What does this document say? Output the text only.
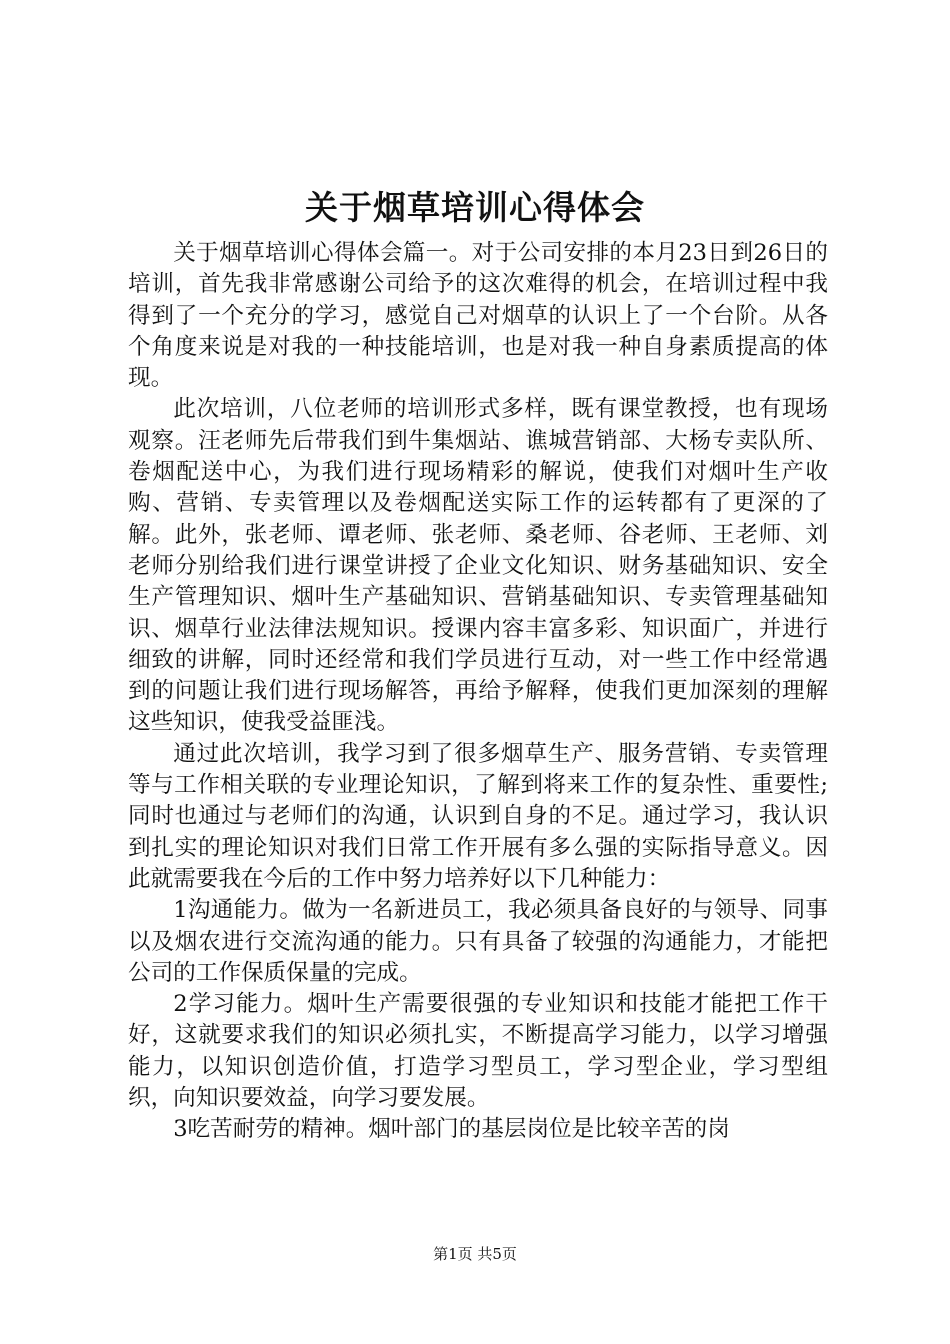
关于烟草培训心得体会

关于烟草培训心得体会篇一。对于公司安排的本月23日到26日的培训，首先我非常感谢公司给予的这次难得的机会，在培训过程中我得到了一个充分的学习，感觉自己对烟草的认识上了一个台阶。从各个角度来说是对我的一种技能培训，也是对我一种自身素质提高的体现。

此次培训，八位老师的培训形式多样，既有课堂教授，也有现场观察。汪老师先后带我们到牛集烟站、谯城营销部、大杨专卖队所、卷烟配送中心，为我们进行现场精彩的解说，使我们对烟叶生产收购、营销、专卖管理以及卷烟配送实际工作的运转都有了更深的了解。此外，张老师、谭老师、张老师、桑老师、谷老师、王老师、刘老师分别给我们进行课堂讲授了企业文化知识、财务基础知识、安全生产管理知识、烟叶生产基础知识、营销基础知识、专卖管理基础知识、烟草行业法律法规知识。授课内容丰富多彩、知识面广，并进行细致的讲解，同时还经常和我们学员进行互动，对一些工作中经常遇到的问题让我们进行现场解答，再给予解释，使我们更加深刻的理解这些知识，使我受益匪浅。

通过此次培训，我学习到了很多烟草生产、服务营销、专卖管理等与工作相关联的专业理论知识，了解到将来工作的复杂性、重要性;同时也通过与老师们的沟通，认识到自身的不足。通过学习，我认识到扎实的理论知识对我们日常工作开展有多么强的实际指导意义。因此就需要我在今后的工作中努力培养好以下几种能力：

1沟通能力。做为一名新进员工，我必须具备良好的与领导、同事以及烟农进行交流沟通的能力。只有具备了较强的沟通能力，才能把公司的工作保质保量的完成。

2学习能力。烟叶生产需要很强的专业知识和技能才能把工作干好，这就要求我们的知识必须扎实，不断提高学习能力，以学习增强能力，以知识创造价值，打造学习型员工，学习型企业，学习型组织，向知识要效益，向学习要发展。

3吃苦耐劳的精神。烟叶部门的基层岗位是比较辛苦的岗

第1页 共5页
